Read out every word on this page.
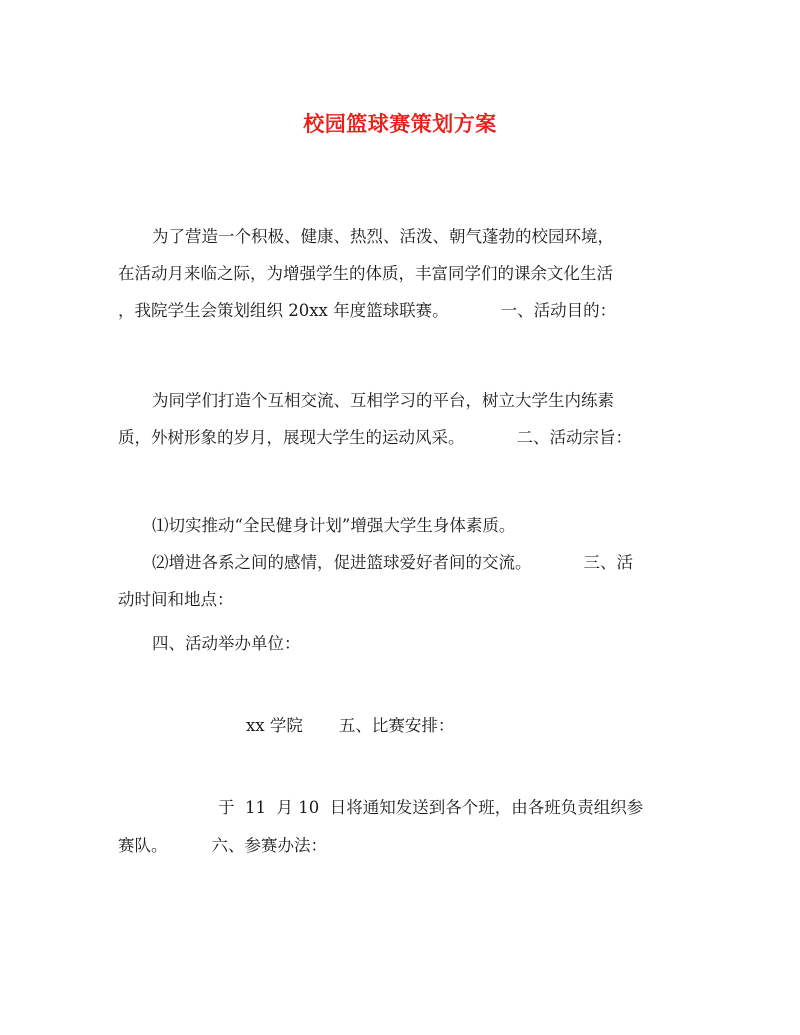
校园篮球赛策划方案
为了营造一个积极、健康、热烈、活泼、朝气蓬勃的校园环境，
在活动月来临之际，为增强学生的体质，丰富同学们的课余文化生活
，我院学生会策划组织 20xx 年度篮球联赛。	一、活动目的：
为同学们打造个互相交流、互相学习的平台，树立大学生内练素
质，外树形象的岁月，展现大学生的运动风采。	二、活动宗旨：
⑴切实推动“全民健身计划”增强大学生身体素质。
⑵增进各系之间的感情，促进篮球爱好者间的交流。	三、活
动时间和地点：
四、活动举办单位：
xx 学院 五、比赛安排：
于  11  月 10  日将通知发送到各个班，由各班负责组织参
赛队。	六、参赛办法：
